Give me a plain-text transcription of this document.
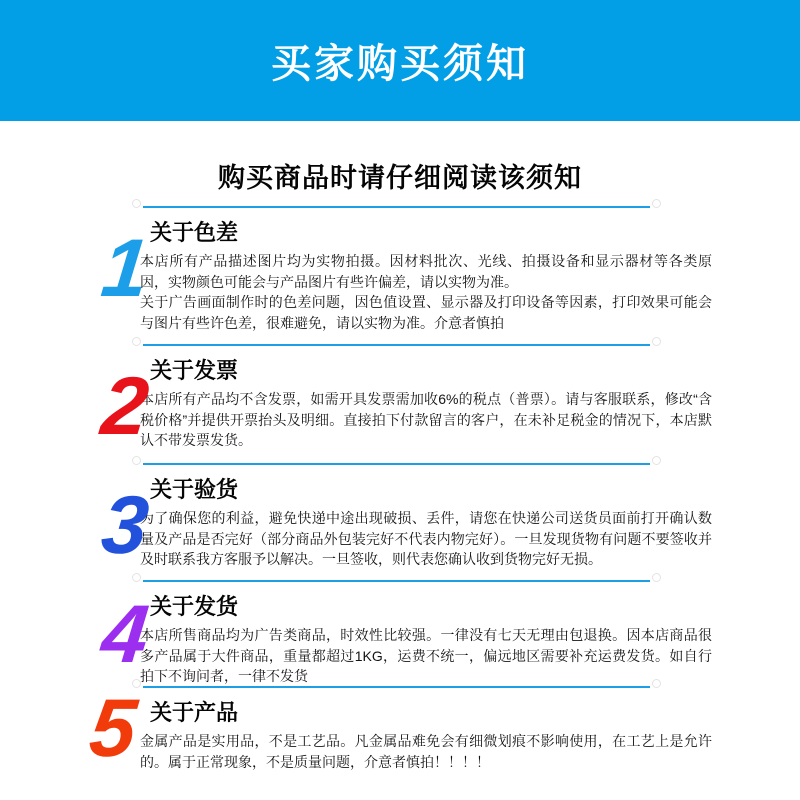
买家购买须知
购买商品时请仔细阅读该须知
1
关于色差

本店所有产品描述图片均为实物拍摄。因材料批次、光线、拍摄设备和显示器材等各类原因，实物颜色可能会与产品图片有些许偏差，请以实物为准。

关于广告画面制作时的色差问题，因色值设置、显示器及打印设备等因素，打印效果可能会与图片有些许色差，很难避免，请以实物为准。介意者慎拍

2
关于发票

本店所有产品均不含发票，如需开具发票需加收6%的税点（普票）。请与客服联系，修改“含税价格”并提供开票抬头及明细。直接拍下付款留言的客户，在未补足税金的情况下，本店默认不带发票发货。

3
关于验货

为了确保您的利益，避免快递中途出现破损、丢件，请您在快递公司送货员面前打开确认数量及产品是否完好（部分商品外包装完好不代表内物完好）。一旦发现货物有问题不要签收并及时联系我方客服予以解决。一旦签收，则代表您确认收到货物完好无损。

4
关于发货

本店所售商品均为广告类商品，时效性比较强。一律没有七天无理由包退换。因本店商品很多产品属于大件商品，重量都超过1KG，运费不统一，偏远地区需要补充运费发货。如自行拍下不询问者，一律不发货

5 关于产品

金属产品是实用品，不是工艺品。凡金属品难免会有细微划痕不影响使用，在工艺上是允许的。属于正常现象，不是质量问题，介意者慎拍！！！！
